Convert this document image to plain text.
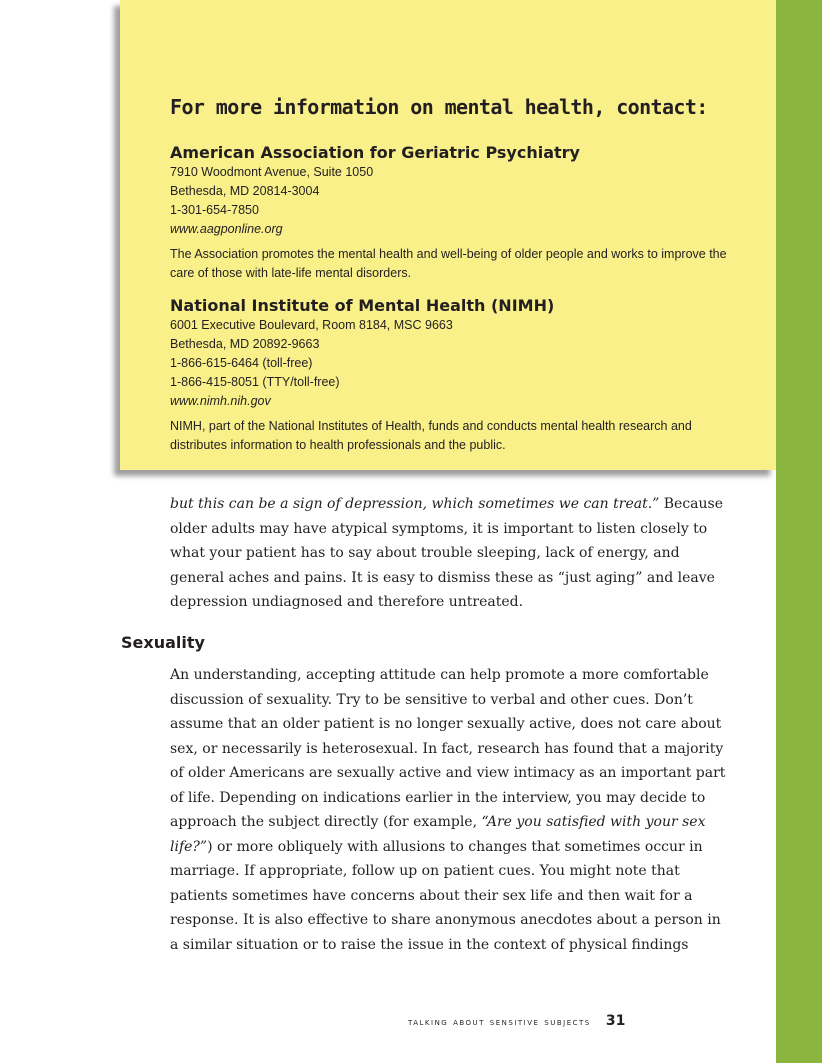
For more information on mental health, contact:

American Association for Geriatric Psychiatry

7910 Woodmont Avenue, Suite 1050

Bethesda, MD 20814-3004

1-301-654-7850

www.aagponline.org

The Association promotes the mental health and well-being of older people and works to improve the care of those with late-life mental disorders.

National Institute of Mental Health (NIMH)

6001 Executive Boulevard, Room 8184, MSC 9663

Bethesda, MD 20892-9663

1-866-615-6464 (toll-free)

1-866-415-8051 (TTY/toll-free)

www.nimh.nih.gov

NIMH, part of the National Institutes of Health, funds and conducts mental health research and distributes information to health professionals and the public.

but this can be a sign of depression, which sometimes we can treat.” Because older adults may have atypical symptoms, it is important to listen closely to what your patient has to say about trouble sleeping, lack of energy, and general aches and pains. It is easy to dismiss these as “just aging” and leave depression undiagnosed and therefore untreated.

Sexuality

An understanding, accepting attitude can help promote a more comfortable discussion of sexuality. Try to be sensitive to verbal and other cues. Don’t assume that an older patient is no longer sexually active, does not care about sex, or necessarily is heterosexual. In fact, research has found that a majority of older Americans are sexually active and view intimacy as an important part of life. Depending on indications earlier in the interview, you may decide to approach the subject directly (for example, “Are you satisfied with your sex life?”) or more obliquely with allusions to changes that sometimes occur in marriage. If appropriate, follow up on patient cues. You might note that patients sometimes have concerns about their sex life and then wait for a response. It is also effective to share anonymous anecdotes about a person in a similar situation or to raise the issue in the context of physical findings

talking about sensitive subjects 31
